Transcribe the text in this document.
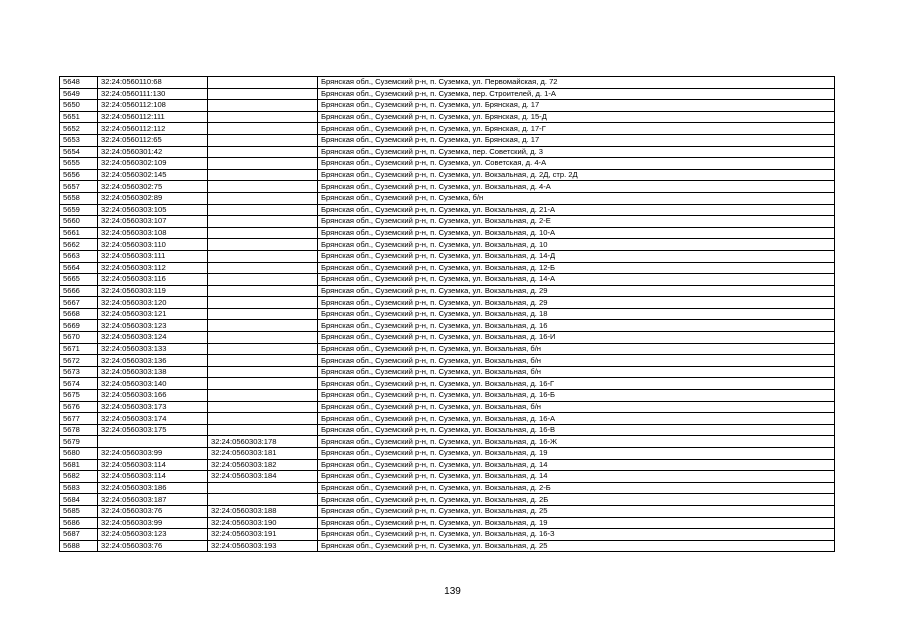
5648	32:24:0560110:68		Брянская обл., Суземский р-н, п. Суземка, ул. Первомайская, д. 72
5649	32:24:0560111:130		Брянская обл., Суземский р-н, п. Суземка, пер. Строителей, д. 1-А
5650	32:24:0560112:108		Брянская обл., Суземский р-н, п. Суземка, ул. Брянская, д. 17
5651	32:24:0560112:111		Брянская обл., Суземский р-н, п. Суземка, ул. Брянская, д. 15-Д
5652	32:24:0560112:112		Брянская обл., Суземский р-н, п. Суземка, ул. Брянская, д. 17-Г
5653	32:24:0560112:65		Брянская обл., Суземский р-н, п. Суземка, ул. Брянская, д. 17
5654	32:24:0560301:42		Брянская обл., Суземский р-н, п. Суземка, пер. Советский, д. 3
5655	32:24:0560302:109		Брянская обл., Суземский р-н, п. Суземка, ул. Советская, д. 4-А
5656	32:24:0560302:145		Брянская обл., Суземский р-н, п. Суземка, ул. Вокзальная, д. 2Д, стр. 2Д
5657	32:24:0560302:75		Брянская обл., Суземский р-н, п. Суземка, ул. Вокзальная, д. 4-А
5658	32:24:0560302:89		Брянская обл., Суземский р-н, п. Суземка, б/н
5659	32:24:0560303:105		Брянская обл., Суземский р-н, п. Суземка, ул. Вокзальная, д. 21-А
5660	32:24:0560303:107		Брянская обл., Суземский р-н, п. Суземка, ул. Вокзальная, д. 2-Е
5661	32:24:0560303:108		Брянская обл., Суземский р-н, п. Суземка, ул. Вокзальная, д. 10-А
5662	32:24:0560303:110		Брянская обл., Суземский р-н, п. Суземка, ул. Вокзальная, д. 10
5663	32:24:0560303:111		Брянская обл., Суземский р-н, п. Суземка, ул. Вокзальная, д. 14-Д
5664	32:24:0560303:112		Брянская обл., Суземский р-н, п. Суземка, ул. Вокзальная, д. 12-Б
5665	32:24:0560303:116		Брянская обл., Суземский р-н, п. Суземка, ул. Вокзальная, д. 14-А
5666	32:24:0560303:119		Брянская обл., Суземский р-н, п. Суземка, ул. Вокзальная, д. 29
5667	32:24:0560303:120		Брянская обл., Суземский р-н, п. Суземка, ул. Вокзальная, д. 29
5668	32:24:0560303:121		Брянская обл., Суземский р-н, п. Суземка, ул. Вокзальная, д. 18
5669	32:24:0560303:123		Брянская обл., Суземский р-н, п. Суземка, ул. Вокзальная, д. 16
5670	32:24:0560303:124		Брянская обл., Суземский р-н, п. Суземка, ул. Вокзальная, д. 16-И
5671	32:24:0560303:133		Брянская обл., Суземский р-н, п. Суземка, ул. Вокзальная, б/н
5672	32:24:0560303:136		Брянская обл., Суземский р-н, п. Суземка, ул. Вокзальная, б/н
5673	32:24:0560303:138		Брянская обл., Суземский р-н, п. Суземка, ул. Вокзальная, б/н
5674	32:24:0560303:140		Брянская обл., Суземский р-н, п. Суземка, ул. Вокзальная, д. 16-Г
5675	32:24:0560303:166		Брянская обл., Суземский р-н, п. Суземка, ул. Вокзальная, д. 16-Б
5676	32:24:0560303:173		Брянская обл., Суземский р-н, п. Суземка, ул. Вокзальная, б/н
5677	32:24:0560303:174		Брянская обл., Суземский р-н, п. Суземка, ул. Вокзальная, д. 16-А
5678	32:24:0560303:175		Брянская обл., Суземский р-н, п. Суземка, ул. Вокзальная, д. 16-В
5679		32:24:0560303:178	Брянская обл., Суземский р-н, п. Суземка, ул. Вокзальная, д. 16-Ж
5680	32:24:0560303:99	32:24:0560303:181	Брянская обл., Суземский р-н, п. Суземка, ул. Вокзальная, д. 19
5681	32:24:0560303:114	32:24:0560303:182	Брянская обл., Суземский р-н, п. Суземка, ул. Вокзальная, д. 14
5682	32:24:0560303:114	32:24:0560303:184	Брянская обл., Суземский р-н, п. Суземка, ул. Вокзальная, д. 14
5683	32:24:0560303:186		Брянская обл., Суземский р-н, п. Суземка, ул. Вокзальная, д. 2-Б
5684	32:24:0560303:187		Брянская обл., Суземский р-н, п. Суземка, ул. Вокзальная, д. 2Б
5685	32:24:0560303:76	32:24:0560303:188	Брянская обл., Суземский р-н, п. Суземка, ул. Вокзальная, д. 25
5686	32:24:0560303:99	32:24:0560303:190	Брянская обл., Суземский р-н, п. Суземка, ул. Вокзальная, д. 19
5687	32:24:0560303:123	32:24:0560303:191	Брянская обл., Суземский р-н, п. Суземка, ул. Вокзальная, д. 16-З
5688	32:24:0560303:76	32:24:0560303:193	Брянская обл., Суземский р-н, п. Суземка, ул. Вокзальная, д. 25
139
